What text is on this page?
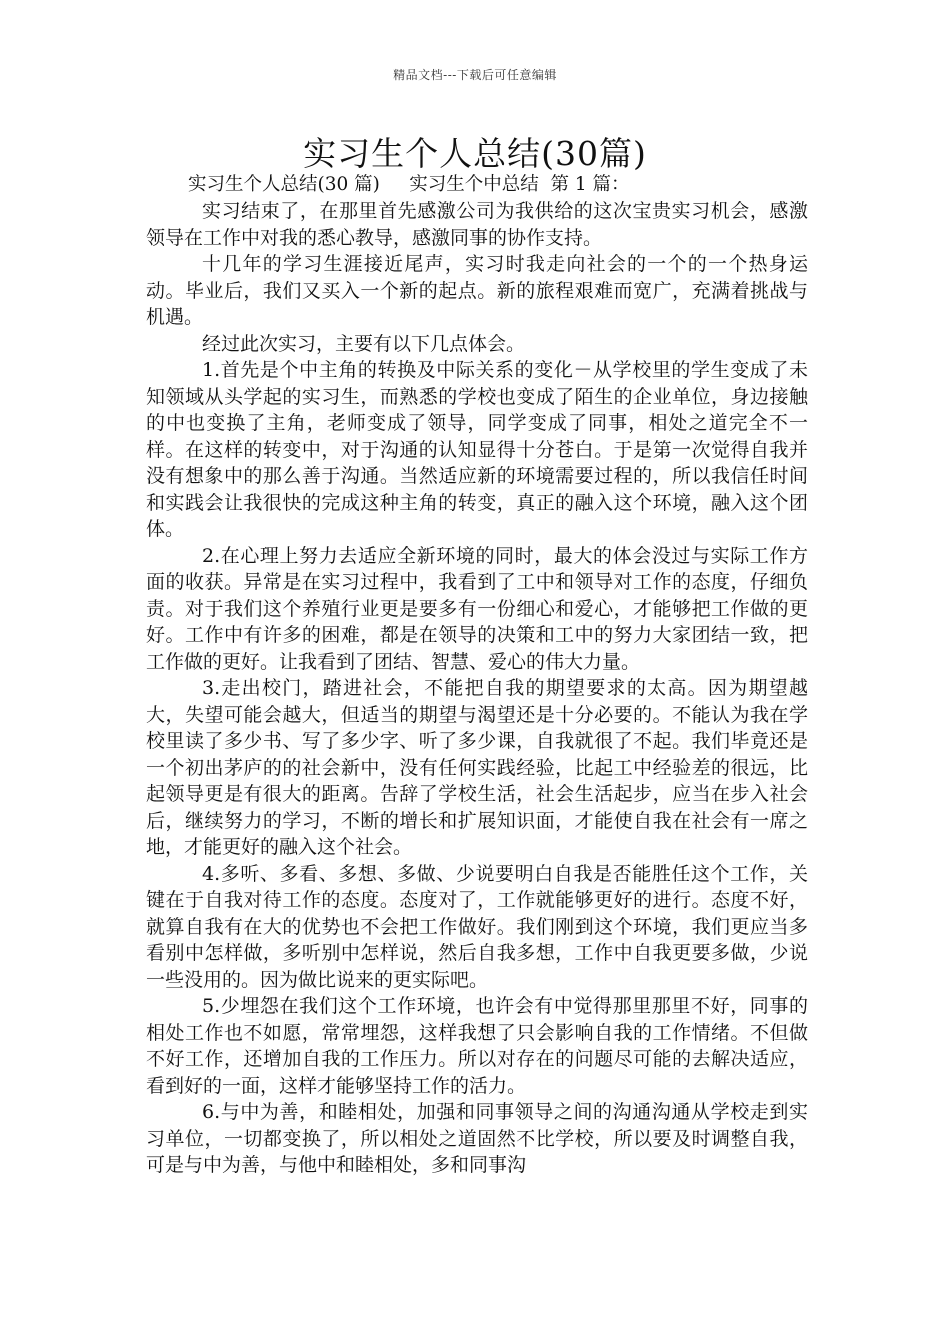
精品文档---下载后可任意编辑
实习生个人总结(30篇)

实习生个人总结(30 篇)     实习生个中总结  第 1 篇：

实习结束了，在那里首先感激公司为我供给的这次宝贵实习机会，感激领导在工作中对我的悉心教导，感激同事的协作支持。

十几年的学习生涯接近尾声，实习时我走向社会的一个的一个热身运动。毕业后，我们又买入一个新的起点。新的旅程艰难而宽广，充满着挑战与机遇。

经过此次实习，主要有以下几点体会。

1.首先是个中主角的转换及中际关系的变化－从学校里的学生变成了未知领域从头学起的实习生，而熟悉的学校也变成了陌生的企业单位，身边接触的中也变换了主角，老师变成了领导，同学变成了同事，相处之道完全不一样。在这样的转变中，对于沟通的认知显得十分苍白。于是第一次觉得自我并没有想象中的那么善于沟通。当然适应新的环境需要过程的，所以我信任时间和实践会让我很快的完成这种主角的转变，真正的融入这个环境，融入这个团体。

2.在心理上努力去适应全新环境的同时，最大的体会没过与实际工作方面的收获。异常是在实习过程中，我看到了工中和领导对工作的态度，仔细负责。对于我们这个养殖行业更是要多有一份细心和爱心，才能够把工作做的更好。工作中有许多的困难，都是在领导的决策和工中的努力大家团结一致，把工作做的更好。让我看到了团结、智慧、爱心的伟大力量。

3.走出校门，踏进社会，不能把自我的期望要求的太高。因为期望越大，失望可能会越大，但适当的期望与渴望还是十分必要的。不能认为我在学校里读了多少书、写了多少字、听了多少课，自我就很了不起。我们毕竟还是一个初出茅庐的的社会新中，没有任何实践经验，比起工中经验差的很远，比起领导更是有很大的距离。告辞了学校生活，社会生活起步，应当在步入社会后，继续努力的学习，不断的增长和扩展知识面，才能使自我在社会有一席之地，才能更好的融入这个社会。

4.多听、多看、多想、多做、少说要明白自我是否能胜任这个工作，关键在于自我对待工作的态度。态度对了，工作就能够更好的进行。态度不好，就算自我有在大的优势也不会把工作做好。我们刚到这个环境，我们更应当多看别中怎样做，多听别中怎样说，然后自我多想，工作中自我更要多做，少说一些没用的。因为做比说来的更实际吧。

5.少埋怨在我们这个工作环境，也许会有中觉得那里那里不好，同事的相处工作也不如愿，常常埋怨，这样我想了只会影响自我的工作情绪。不但做不好工作，还增加自我的工作压力。所以对存在的问题尽可能的去解决适应，看到好的一面，这样才能够坚持工作的活力。

6.与中为善，和睦相处，加强和同事领导之间的沟通沟通从学校走到实习单位，一切都变换了，所以相处之道固然不比学校，所以要及时调整自我，可是与中为善，与他中和睦相处，多和同事沟
